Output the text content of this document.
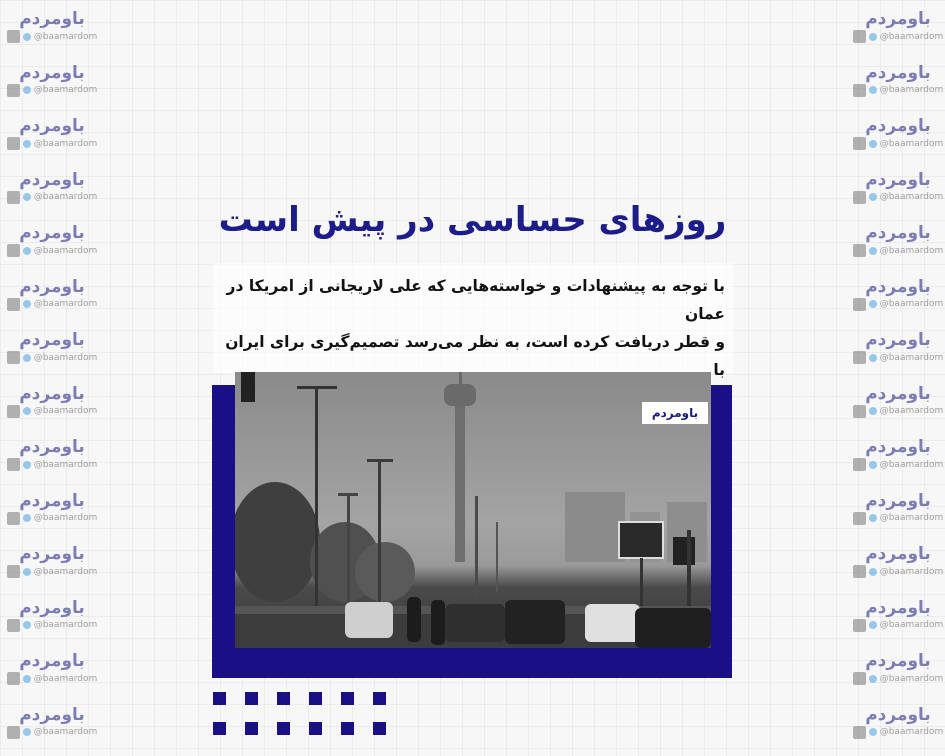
باومردم
@baamardom
باومردم
@baamardom
باومردم
@baamardom
باومردم
@baamardom
باومردم
@baamardom
باومردم
@baamardom
باومردم
@baamardom
باومردم
@baamardom
باومردم
@baamardom
باومردم
@baamardom
باومردم
@baamardom
باومردم
@baamardom
باومردم
@baamardom
باومردم
@baamardom
باومردم
@baamardom
باومردم
@baamardom
باومردم
@baamardom
باومردم
@baamardom
باومردم
@baamardom
باومردم
@baamardom
باومردم
@baamardom
باومردم
@baamardom
باومردم
@baamardom
باومردم
@baamardom
باومردم
@baamardom
باومردم
@baamardom
باومردم
@baamardom
باومردم
@baamardom
روزهای حساسی در پیش است
با توجه به پیشنهادات و خواسته‌هایی که علی لاریجانی از امریکا در عمان
و قطر دریافت کرده است، به نظر می‌رسد تصمیم‌گیری برای ایران با
باومردم
